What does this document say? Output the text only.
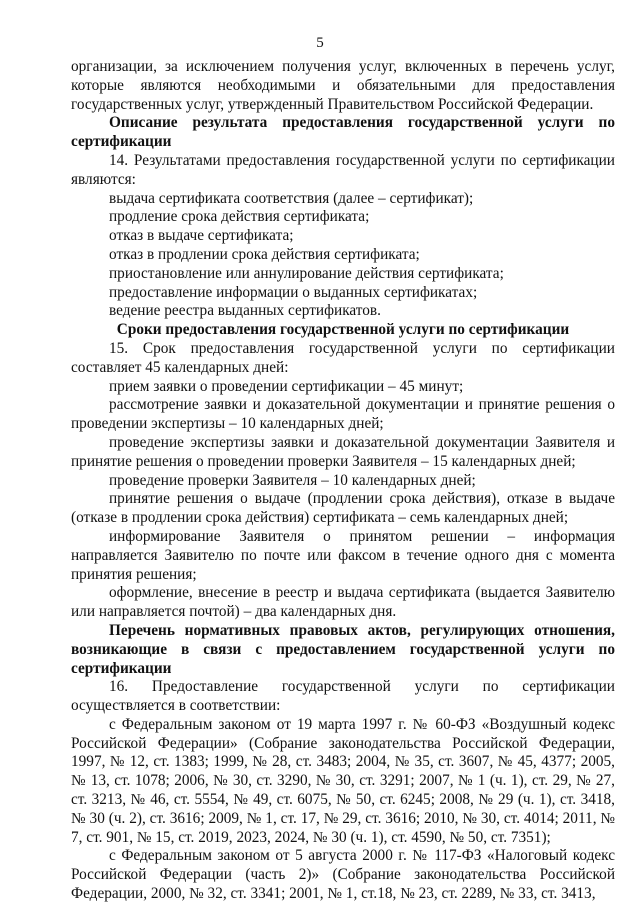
5

организации, за исключением получения услуг, включенных в перечень услуг, которые являются необходимыми и обязательными для предоставления государственных услуг, утвержденный Правительством Российской Федерации.

Описание результата предоставления государственной услуги по сертификации

14. Результатами предоставления государственной услуги по сертификации являются:

выдача сертификата соответствия (далее – сертификат);

продление срока действия сертификата;

отказ в выдаче сертификата;

отказ в продлении срока действия сертификата;

приостановление или аннулирование действия сертификата;

предоставление информации о выданных сертификатах;

ведение реестра выданных сертификатов.

Сроки предоставления государственной услуги по сертификации

15. Срок предоставления государственной услуги по сертификации составляет 45 календарных дней:

прием заявки о проведении сертификации – 45 минут;

рассмотрение заявки и доказательной документации и принятие решения о проведении экспертизы – 10 календарных дней;

проведение экспертизы заявки и доказательной документации Заявителя и принятие решения о проведении проверки Заявителя – 15 календарных дней;

проведение проверки Заявителя – 10 календарных дней;

принятие решения о выдаче (продлении срока действия), отказе в выдаче (отказе в продлении срока действия) сертификата – семь календарных дней;

информирование Заявителя о принятом решении – информация направляется Заявителю по почте или факсом в течение одного дня с момента принятия решения;

оформление, внесение в реестр и выдача сертификата (выдается Заявителю или направляется почтой) – два календарных дня.

Перечень нормативных правовых актов, регулирующих отношения, возникающие в связи с предоставлением государственной услуги по сертификации

16. Предоставление государственной услуги по сертификации осуществляется в соответствии:

с Федеральным законом от 19 марта 1997 г. № 60-ФЗ «Воздушный кодекс Российской Федерации» (Собрание законодательства Российской Федерации, 1997, № 12, ст. 1383; 1999, № 28, ст. 3483; 2004, № 35, ст. 3607, № 45, 4377; 2005, № 13, ст. 1078; 2006, № 30, ст. 3290, № 30, ст. 3291; 2007, № 1 (ч. 1), ст. 29, № 27, ст. 3213, № 46, ст. 5554, № 49, ст. 6075, № 50, ст. 6245; 2008, № 29 (ч. 1), ст. 3418, № 30 (ч. 2), ст. 3616; 2009, № 1, ст. 17, № 29, ст. 3616; 2010, № 30, ст. 4014; 2011, № 7, ст. 901, № 15, ст. 2019, 2023, 2024, № 30 (ч. 1), ст. 4590, № 50, ст. 7351);

с Федеральным законом от 5 августа 2000 г. № 117-ФЗ «Налоговый кодекс Российской Федерации (часть 2)» (Собрание законодательства Российской Федерации, 2000, № 32, ст. 3341; 2001, № 1, ст.18, № 23, ст. 2289, № 33, ст. 3413,
